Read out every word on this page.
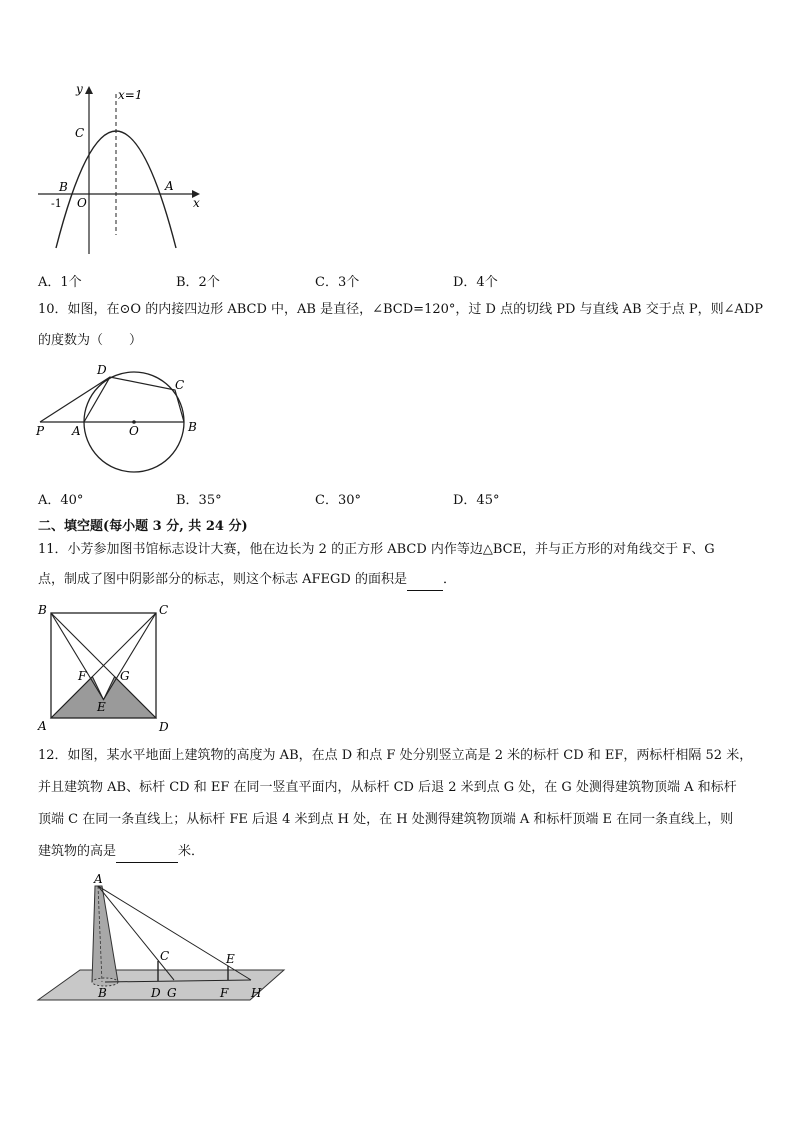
y
x
x=1
C
B	A
O
-1
A．1个	B．2个	C．3个	D．4个
10．如图，在⊙O 的内接四边形 ABCD 中，AB 是直径，∠BCD=120°，过 D 点的切线 PD 与直线 AB 交于点 P，则∠ADP
的度数为（　　）
P A	O	B
C
D
A．40°	B．35°	C．30°	D．45°
二、填空题(每小题 3 分, 共 24 分)
11．小芳参加图书馆标志设计大赛，他在边长为 2 的正方形 ABCD 内作等边△BCE，并与正方形的对角线交于 F、G
点，制成了图中阴影部分的标志，则这个标志 AFEGD 的面积是	．
B	C
A	D
F	G
E
12．如图，某水平地面上建筑物的高度为 AB，在点 D 和点 F 处分别竖立高是 2 米的标杆 CD 和 EF，两标杆相隔 52 米，
并且建筑物 AB、标杆 CD 和 EF 在同一竖直平面内，从标杆 CD 后退 2 米到点 G 处，在 G 处测得建筑物顶端 A 和标杆
顶端 C 在同一条直线上；从标杆 FE 后退 4 米到点 H 处，在 H 处测得建筑物顶端 A 和标杆顶端 E 在同一条直线上，则
建筑物的高是	米．
A
C	E
B	D G	F H
